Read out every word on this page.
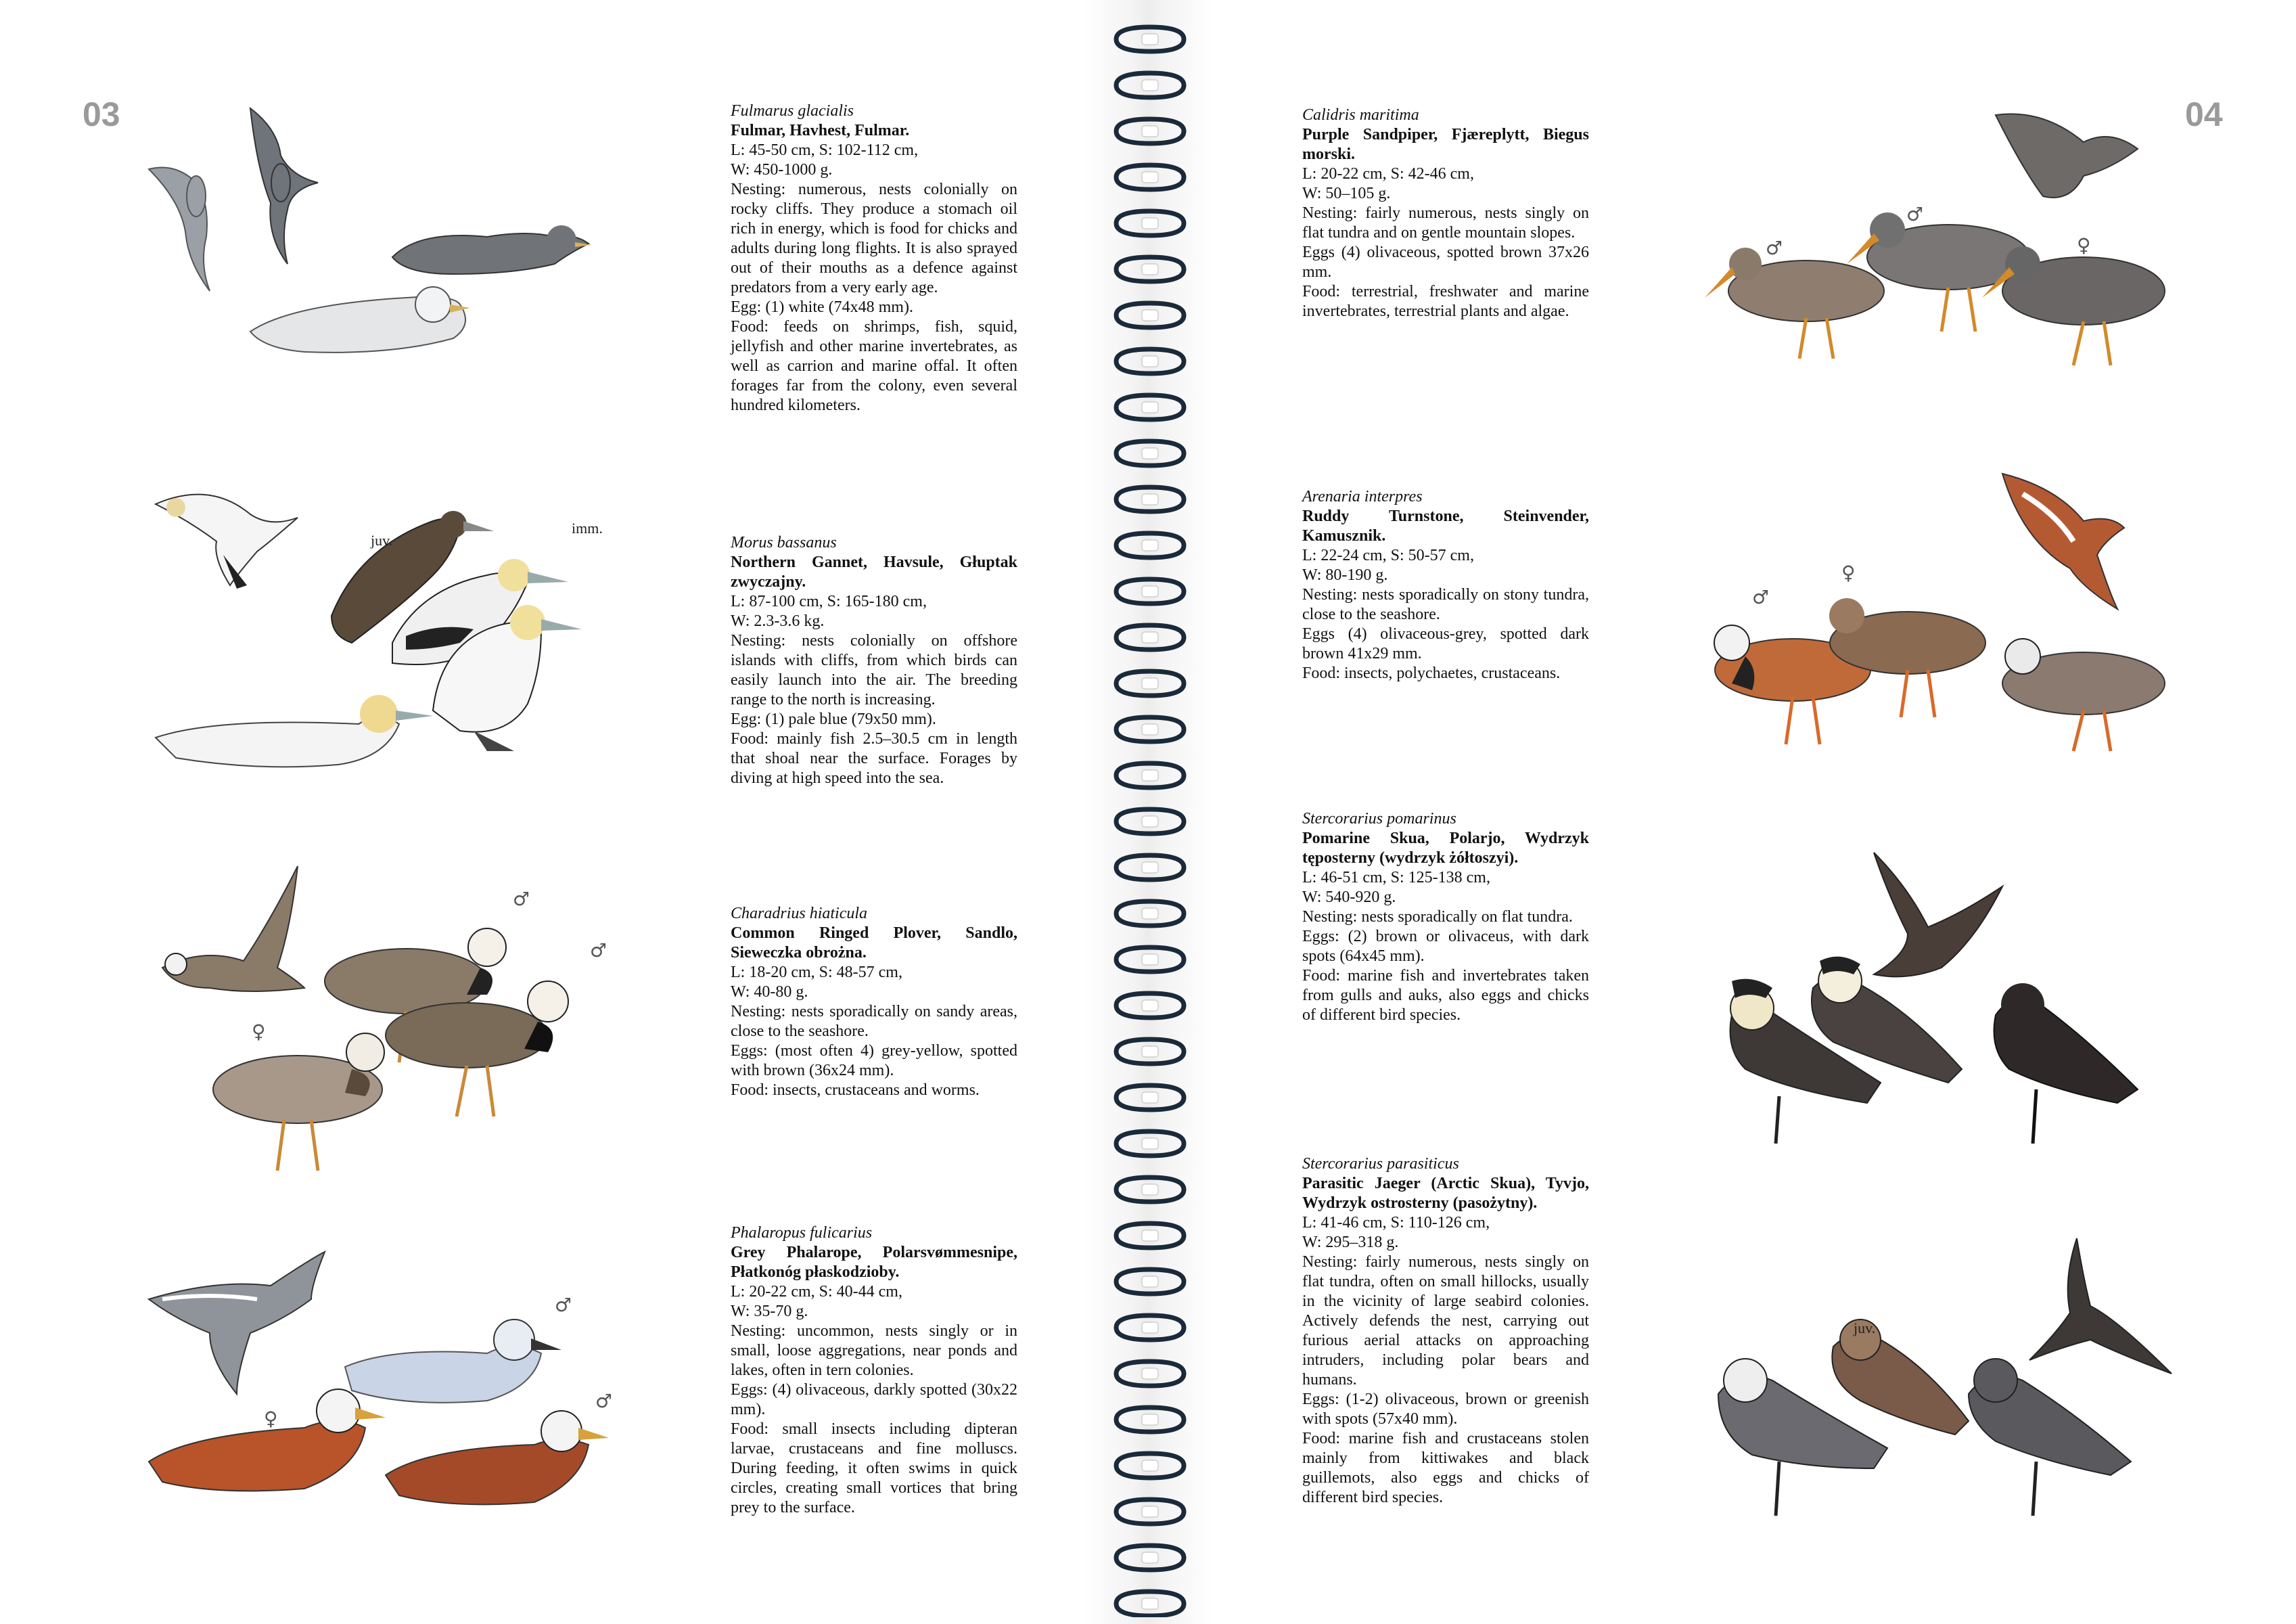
03	04
Fulmarus glacialis
Fulmar, Havhest, Fulmar.
L: 45-50 cm, S: 102-112 cm,
W: 450-1000 g.
Nesting: numerous, nests colonially on rocky cliffs. They produce a stomach oil rich in energy, which is food for chicks and adults during long flights. It is also sprayed out of their mouths as a defence against predators from a very early age.
Egg: (1) white (74x48 mm).
Food: feeds on shrimps, fish, squid, jellyfish and other marine invertebrates, as well as carrion and marine offal. It often forages far from the colony, even several hundred kilometers.
Morus bassanus
Northern Gannet, Havsule, Głuptak zwyczajny.
L: 87-100 cm, S: 165-180 cm,
W: 2.3-3.6 kg.
Nesting: nests colonially on offshore islands with cliffs, from which birds can easily launch into the air. The breeding range to the north is increasing.
Egg: (1) pale blue (79x50 mm).
Food: mainly fish 2.5–30.5 cm in length that shoal near the surface. Forages by diving at high speed into the sea.
Charadrius hiaticula
Common Ringed Plover, Sandlo, Sieweczka obrożna.
L: 18-20 cm, S: 48-57 cm,
W: 40-80 g.
Nesting: nests sporadically on sandy areas, close to the seashore.
Eggs: (most often 4) grey-yellow, spotted with brown (36x24 mm).
Food: insects, crustaceans and worms.
Phalaropus fulicarius
Grey Phalarope, Polarsvømmesnipe, Płatkonóg płaskodzioby.
L: 20-22 cm, S: 40-44 cm,
W: 35-70 g.
Nesting: uncommon, nests singly or in small, loose aggregations, near ponds and lakes, often in tern colonies.
Eggs: (4) olivaceous, darkly spotted (30x22 mm).
Food: small insects including dipteran larvae, crustaceans and fine molluscs. During feeding, it often swims in quick circles, creating small vortices that bring prey to the surface.
Calidris maritima
Purple Sandpiper, Fjæreplytt, Biegus morski.
L: 20-22 cm, S: 42-46 cm,
W: 50–105 g.
Nesting: fairly numerous, nests singly on flat tundra and on gentle mountain slopes.
Eggs (4) olivaceous, spotted brown 37x26 mm.
Food: terrestrial, freshwater and marine invertebrates, terrestrial plants and algae.
Arenaria interpres
Ruddy Turnstone, Steinvender, Kamusznik.
L: 22-24 cm, S: 50-57 cm,
W: 80-190 g.
Nesting: nests sporadically on stony tundra, close to the seashore.
Eggs (4) olivaceous-grey, spotted dark brown 41x29 mm.
Food: insects, polychaetes, crustaceans.
Stercorarius pomarinus
Pomarine Skua, Polarjo, Wydrzyk tęposterny (wydrzyk żółtoszyi).
L: 46-51 cm, S: 125-138 cm,
W: 540-920 g.
Nesting: nests sporadically on flat tundra.
Eggs: (2) brown or olivaceus, with dark spots (64x45 mm).
Food: marine fish and invertebrates taken from gulls and auks, also eggs and chicks of different bird species.
Stercorarius parasiticus
Parasitic Jaeger (Arctic Skua), Tyvjo, Wydrzyk ostrosterny (pasożytny).
L: 41-46 cm, S: 110-126 cm,
W: 295–318 g.
Nesting: fairly numerous, nests singly on flat tundra, often on small hillocks, usually in the vicinity of large seabird colonies. Actively defends the nest, carrying out furious aerial attacks on approaching intruders, including polar bears and humans.
Eggs: (1-2) olivaceous, brown or greenish with spots (57x40 mm).
Food: marine fish and crustaceans stolen mainly from kittiwakes and black guillemots, also eggs and chicks of different bird species.
juv.
imm.
♂
♂
♀
♂
♀
♂
♂
♂
♀
♂
♀
juv.
